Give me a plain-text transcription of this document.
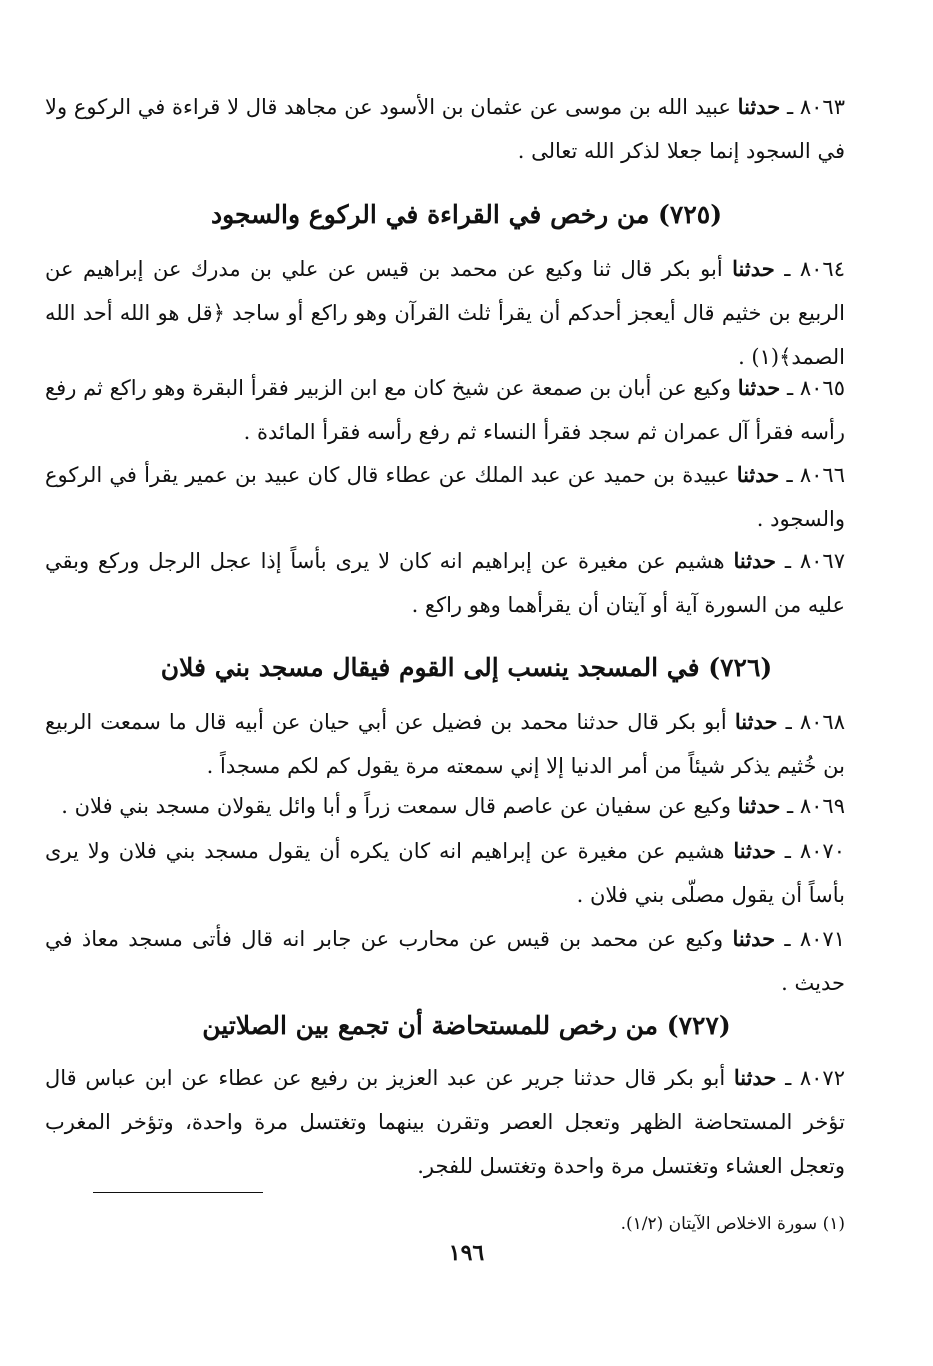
٨٠٦٣ ـ حدثنا عبيد الله بن موسى عن عثمان بن الأسود عن مجاهد قال لا قراءة في الركوع ولا في السجود إنما جعلا لذكر الله تعالى .
(٧٢٥) من رخص في القراءة في الركوع والسجود
٨٠٦٤ ـ حدثنا أبو بكر قال ثنا وكيع عن محمد بن قيس عن علي بن مدرك عن إبراهيم عن الربيع بن خثيم قال أيعجز أحدكم أن يقرأ ثلث القرآن وهو راكع أو ساجد ﴿قل هو الله أحد الله الصمد﴾(١) .
٨٠٦٥ ـ حدثنا وكيع عن أبان بن صمعة عن شيخ كان مع ابن الزبير فقرأ البقرة وهو راكع ثم رفع رأسه فقرأ آل عمران ثم سجد فقرأ النساء ثم رفع رأسه فقرأ المائدة .
٨٠٦٦ ـ حدثنا عبيدة بن حميد عن عبد الملك عن عطاء قال كان عبيد بن عمير يقرأ في الركوع والسجود .
٨٠٦٧ ـ حدثنا هشيم عن مغيرة عن إبراهيم انه كان لا يرى بأساً إذا عجل الرجل وركع وبقي عليه من السورة آية أو آيتان أن يقرأهما وهو راكع .
(٧٢٦) في المسجد ينسب إلى القوم فيقال مسجد بني فلان
٨٠٦٨ ـ حدثنا أبو بكر قال حدثنا محمد بن فضيل عن أبي حيان عن أبيه قال ما سمعت الربيع بن خُثيم يذكر شيئاً من أمر الدنيا إلا إني سمعته مرة يقول كم لكم مسجداً .
٨٠٦٩ ـ حدثنا وكيع عن سفيان عن عاصم قال سمعت زراً و أبا وائل يقولان مسجد بني فلان .
٨٠٧٠ ـ حدثنا هشيم عن مغيرة عن إبراهيم انه كان يكره أن يقول مسجد بني فلان ولا يرى بأساً أن يقول مصلّى بني فلان .
٨٠٧١ ـ حدثنا وكيع عن محمد بن قيس عن محارب عن جابر انه قال فأتى مسجد معاذ في حديث .
(٧٢٧) من رخص للمستحاضة أن تجمع بين الصلاتين
٨٠٧٢ ـ حدثنا أبو بكر قال حدثنا جرير عن عبد العزيز بن رفيع عن عطاء عن ابن عباس قال تؤخر المستحاضة الظهر وتعجل العصر وتقرن بينهما وتغتسل مرة واحدة، وتؤخر المغرب وتعجل العشاء وتغتسل مرة واحدة وتغتسل للفجر.
(١) سورة الاخلاص الآيتان (١/٢).
١٩٦
